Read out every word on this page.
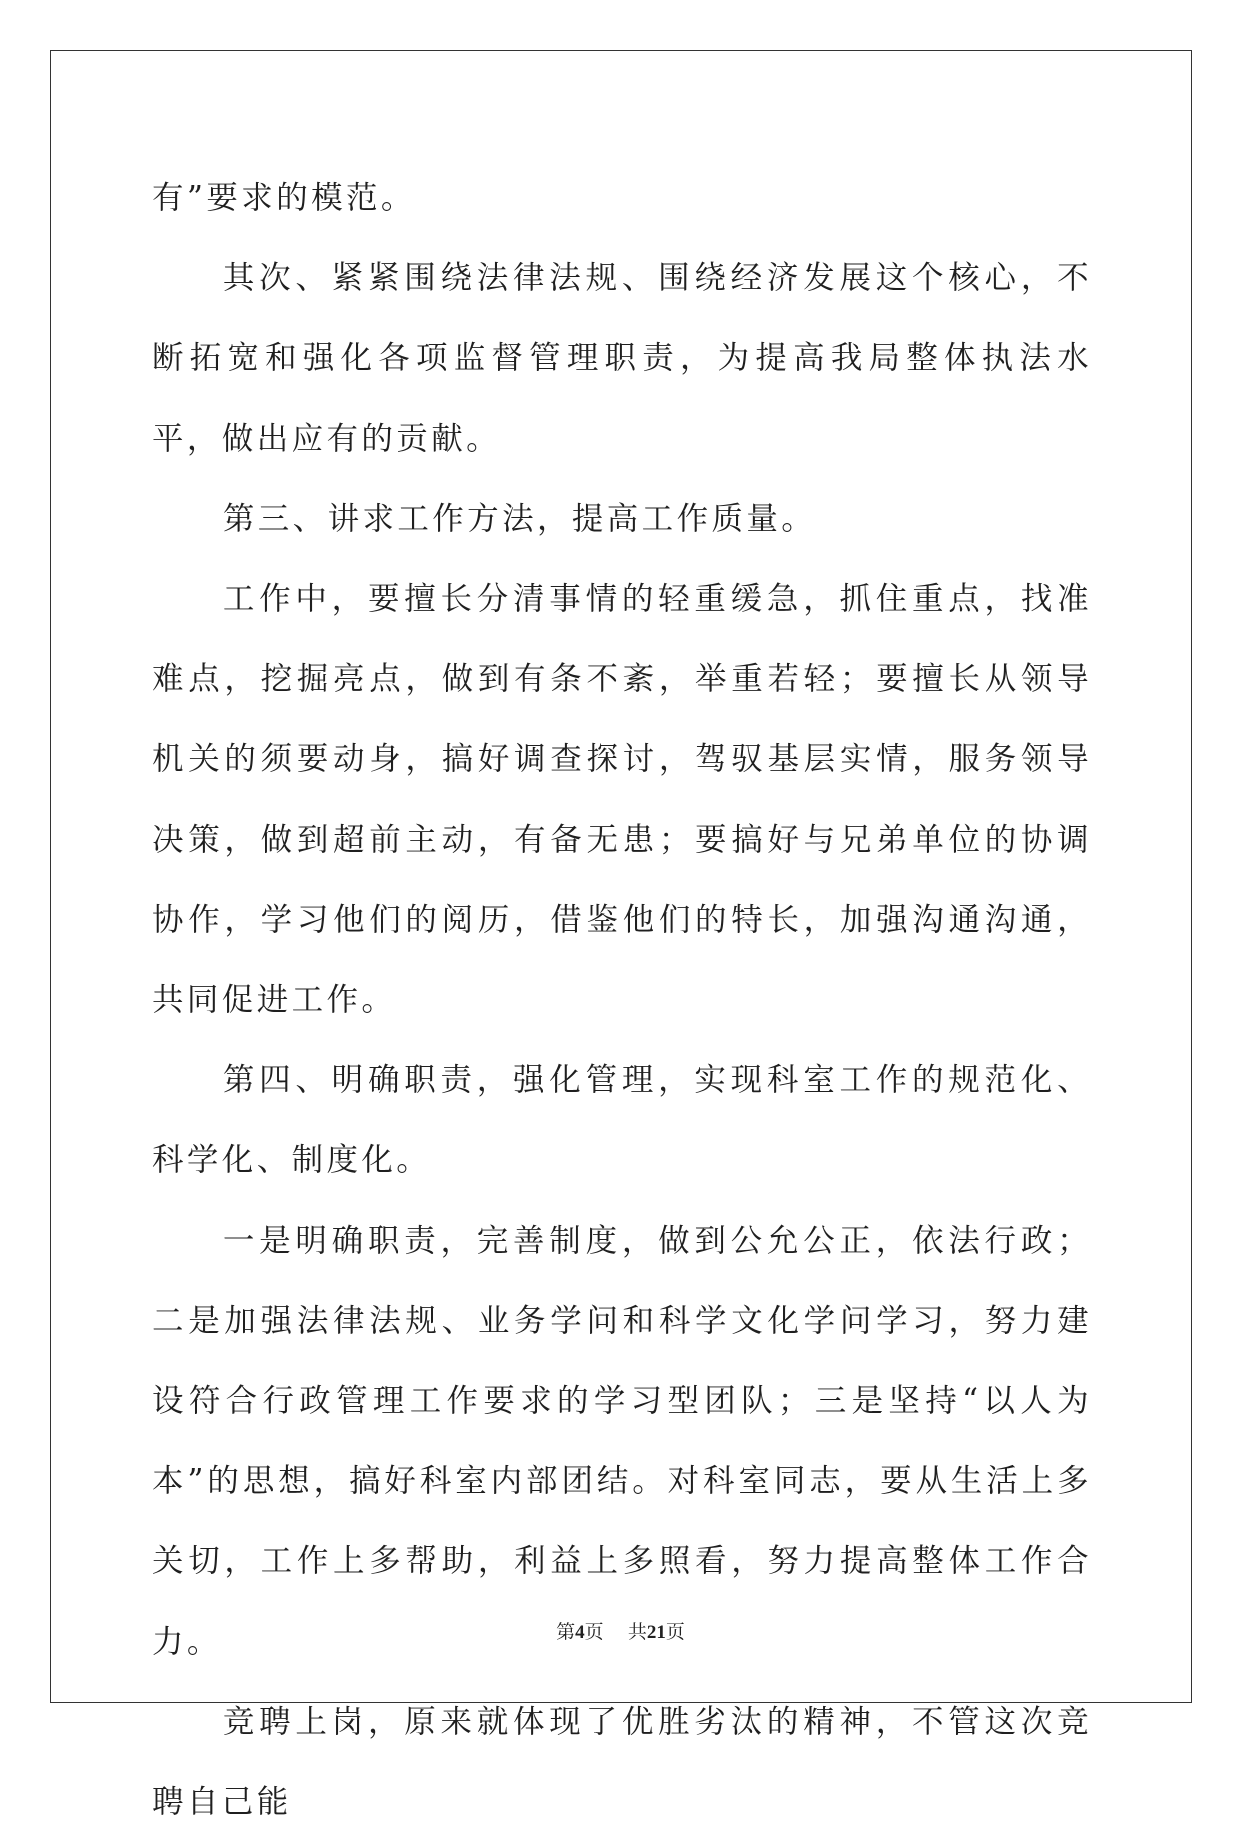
有”要求的模范。

其次、紧紧围绕法律法规、围绕经济发展这个核心，不断拓宽和强化各项监督管理职责，为提高我局整体执法水平，做出应有的贡献。

第三、讲求工作方法，提高工作质量。

工作中，要擅长分清事情的轻重缓急，抓住重点，找准难点，挖掘亮点，做到有条不紊，举重若轻；要擅长从领导机关的须要动身，搞好调查探讨，驾驭基层实情，服务领导决策，做到超前主动，有备无患；要搞好与兄弟单位的协调协作，学习他们的阅历，借鉴他们的特长，加强沟通沟通，共同促进工作。

第四、明确职责，强化管理，实现科室工作的规范化、科学化、制度化。

一是明确职责，完善制度，做到公允公正，依法行政；二是加强法律法规、业务学问和科学文化学问学习，努力建设符合行政管理工作要求的学习型团队；三是坚持“以人为本”的思想，搞好科室内部团结。对科室同志，要从生活上多关切，工作上多帮助，利益上多照看，努力提高整体工作合力。

竞聘上岗，原来就体现了优胜劣汰的精神，不管这次竞聘自己能

第4页    共21页
